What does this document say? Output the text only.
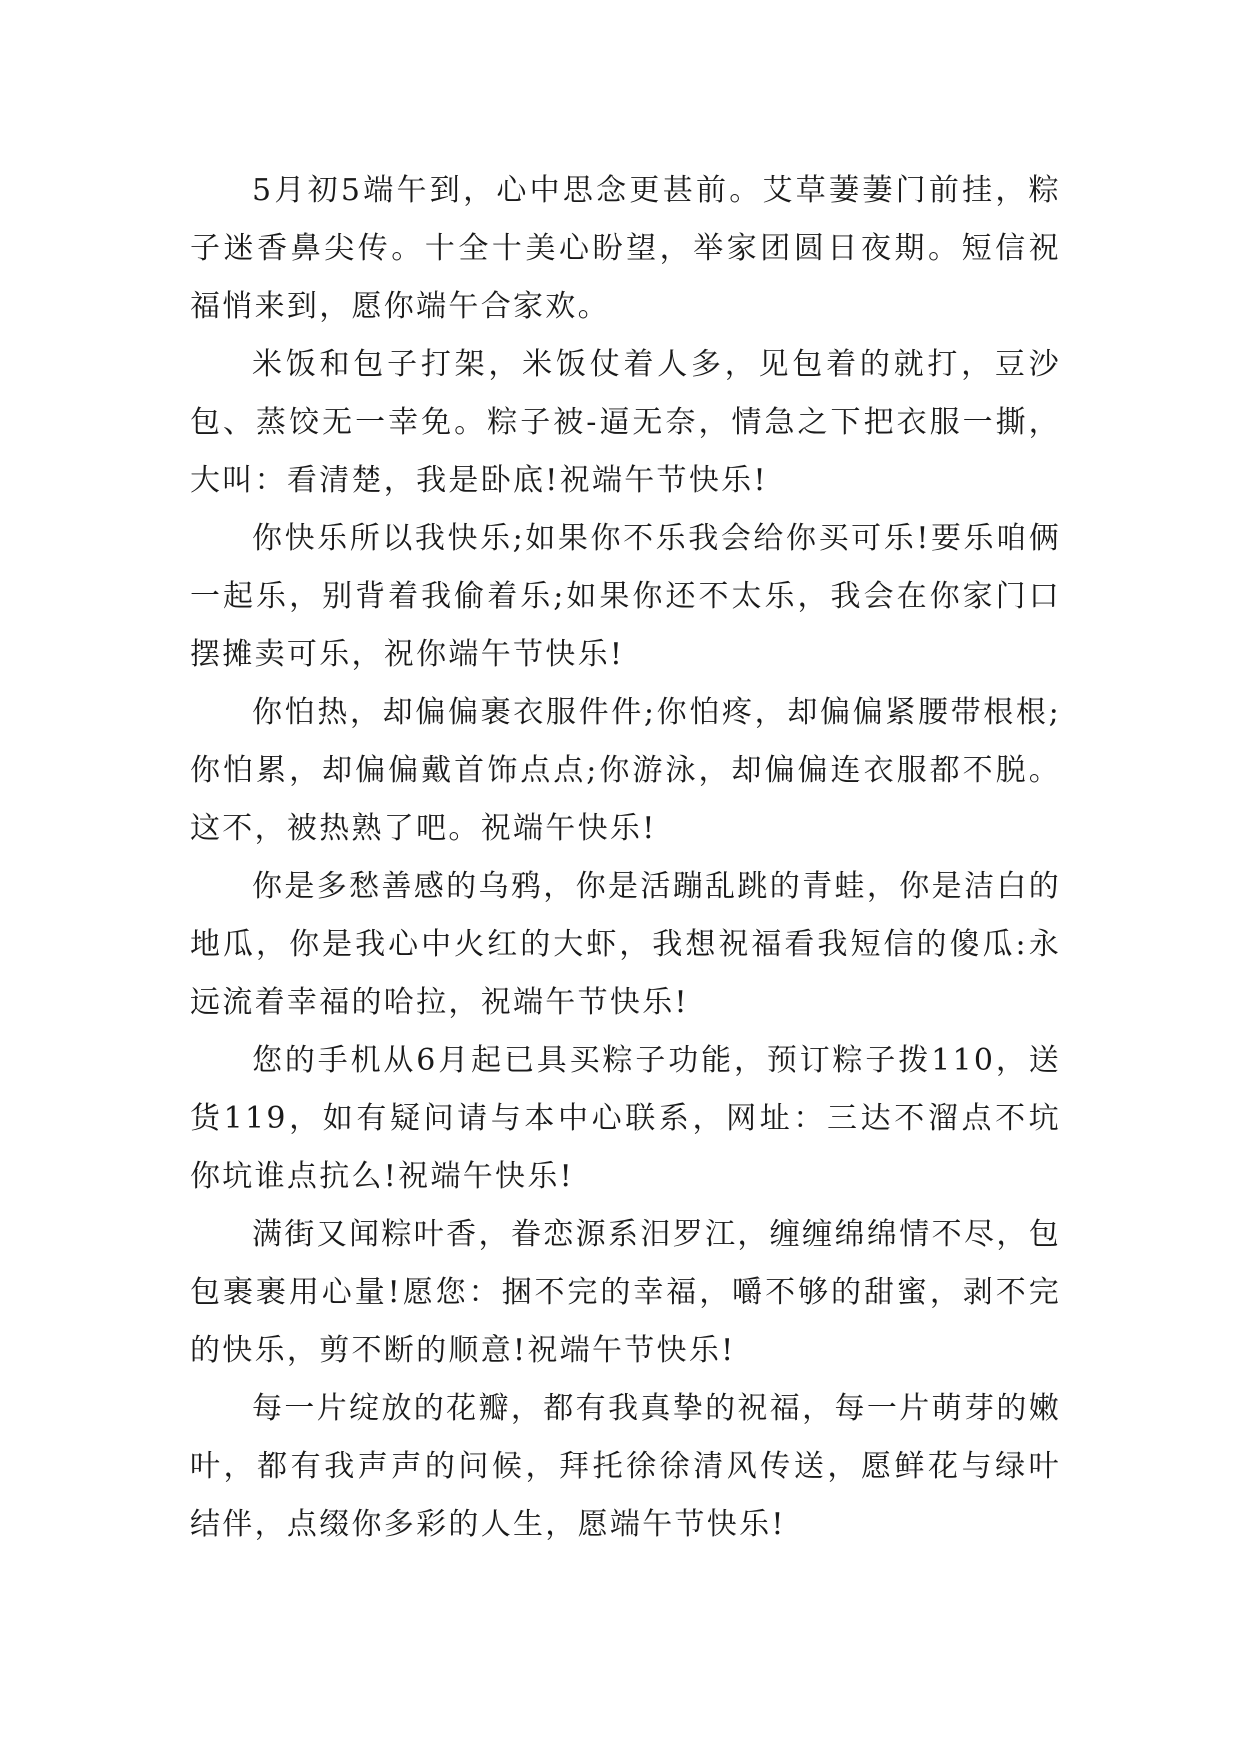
5月初5端午到，心中思念更甚前。艾草萋萋门前挂，粽子迷香鼻尖传。十全十美心盼望，举家团圆日夜期。短信祝福悄来到，愿你端午合家欢。

米饭和包子打架，米饭仗着人多，见包着的就打，豆沙包、蒸饺无一幸免。粽子被-逼无奈，情急之下把衣服一撕，大叫：看清楚，我是卧底!祝端午节快乐!

你快乐所以我快乐;如果你不乐我会给你买可乐!要乐咱俩一起乐，别背着我偷着乐;如果你还不太乐，我会在你家门口摆摊卖可乐，祝你端午节快乐!

你怕热，却偏偏裹衣服件件;你怕疼，却偏偏紧腰带根根;你怕累，却偏偏戴首饰点点;你游泳，却偏偏连衣服都不脱。这不，被热熟了吧。祝端午快乐!

你是多愁善感的乌鸦，你是活蹦乱跳的青蛙，你是洁白的地瓜，你是我心中火红的大虾，我想祝福看我短信的傻瓜:永远流着幸福的哈拉，祝端午节快乐!

您的手机从6月起已具买粽子功能，预订粽子拨110，送货119，如有疑问请与本中心联系，网址：三达不溜点不坑你坑谁点抗么!祝端午快乐!

满街又闻粽叶香，眷恋源系汨罗江，缠缠绵绵情不尽，包包裹裹用心量!愿您：捆不完的幸福，嚼不够的甜蜜，剥不完的快乐，剪不断的顺意!祝端午节快乐!

每一片绽放的花瓣，都有我真挚的祝福，每一片萌芽的嫩叶，都有我声声的问候，拜托徐徐清风传送，愿鲜花与绿叶结伴，点缀你多彩的人生，愿端午节快乐!
